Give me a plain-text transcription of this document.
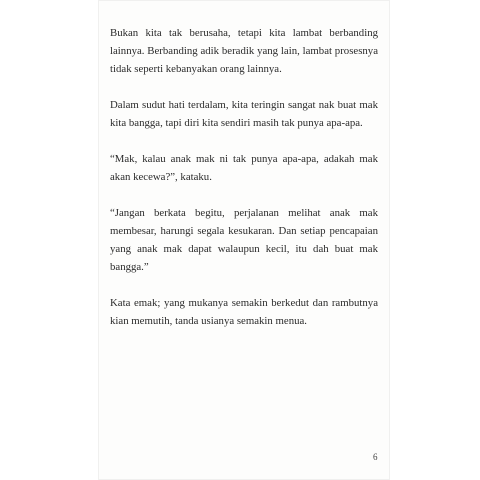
Bukan kita tak berusaha, tetapi kita lambat berbanding lainnya. Berbanding adik beradik yang lain, lambat prosesnya tidak seperti kebanyakan orang lainnya.

Dalam sudut hati terdalam, kita teringin sangat nak buat mak kita bangga, tapi diri kita sendiri masih tak punya apa-apa.

“Mak, kalau anak mak ni tak punya apa-apa, adakah mak akan kecewa?”, kataku.

“Jangan berkata begitu, perjalanan melihat anak mak membesar, harungi segala kesukaran. Dan setiap pencapaian yang anak mak dapat walaupun kecil, itu dah buat mak bangga.”

Kata emak; yang mukanya semakin berkedut dan rambutnya kian memutih, tanda usianya semakin menua.

6
